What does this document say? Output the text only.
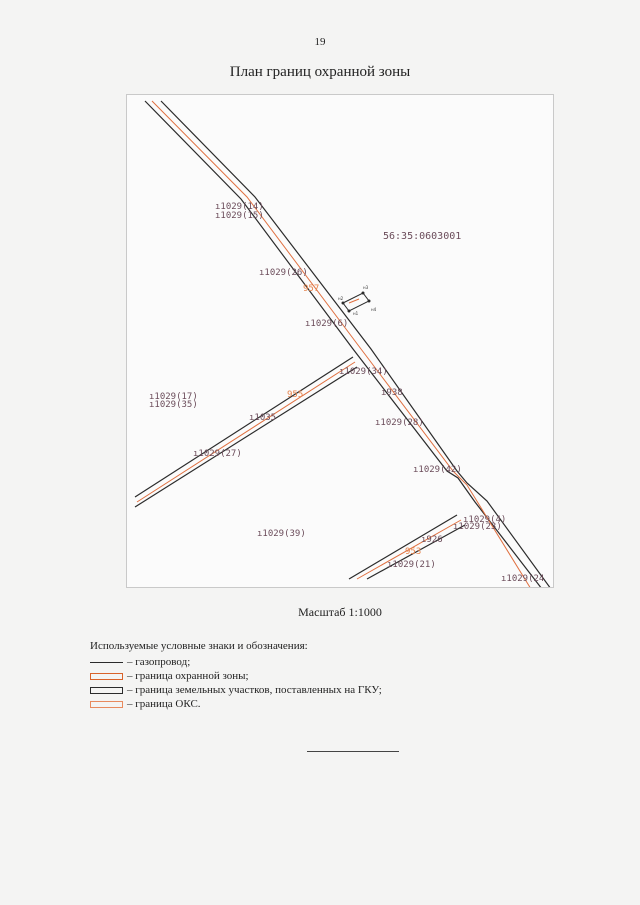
19
План границ охранной зоны
н2
н3
н1
н4
ı1029(14)
ı1029(15)
56:35:0603001
ı1029(26)
ı1029(6)
ı1029(34)
ı938
ı1029(17)
ı1029(35)
ı1035	ı1029(28)
ı1029(27)
ı1029(42)
ı1029(4)
ı1029(23)
ı1029(39)
ı926
ı1029(21)
ı1029(24
957
955
953
Масштаб 1:1000
Используемые условные знаки и обозначения:
– газопровод;
– граница охранной зоны;
– граница земельных участков, поставленных на ГКУ;
– граница ОКС.
